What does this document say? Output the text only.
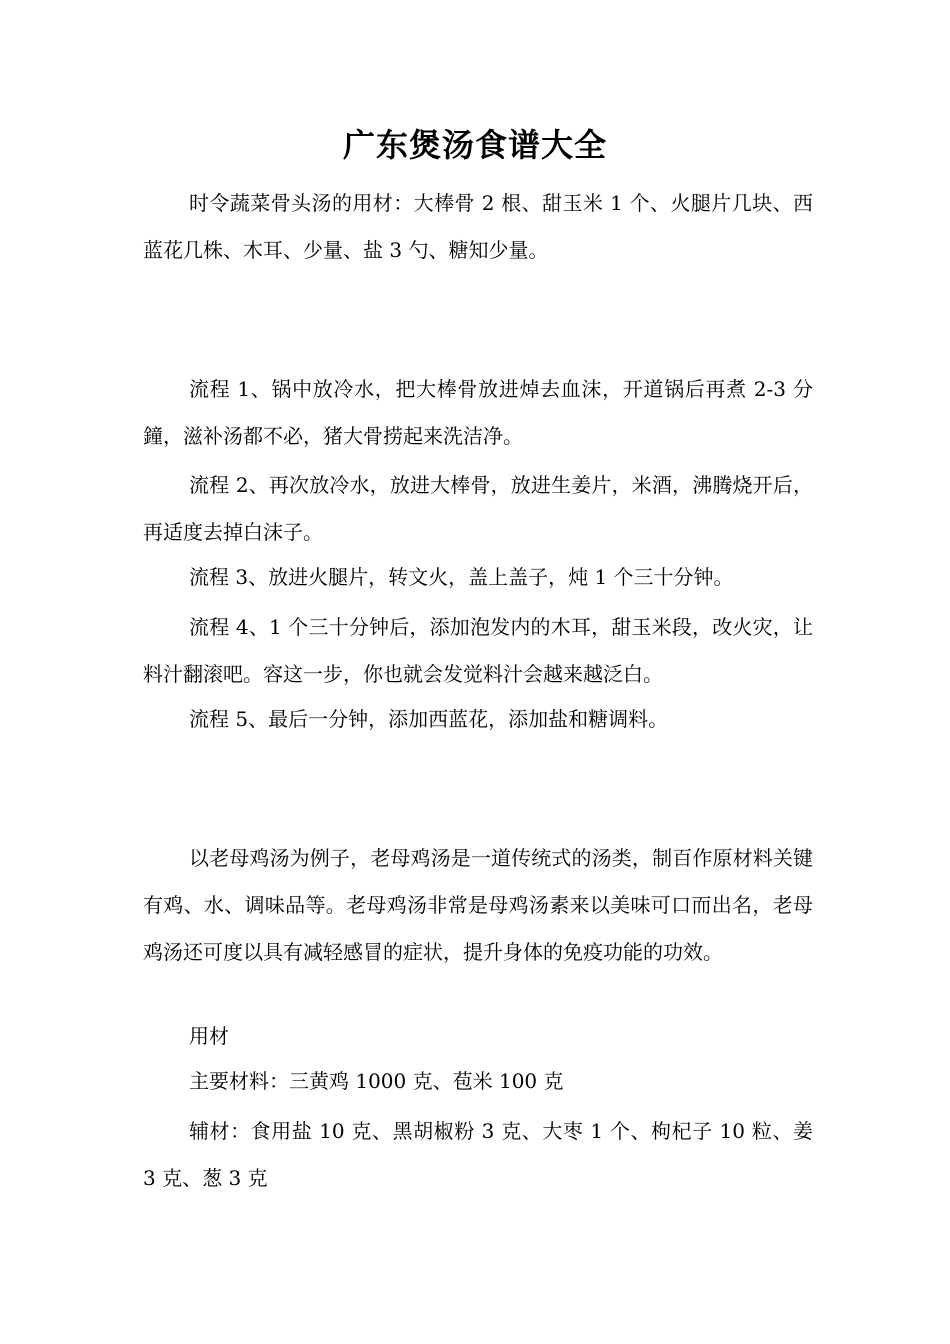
广东煲汤食谱大全

时令蔬菜骨头汤的用材：大棒骨 2 根、甜玉米 1 个、火腿片几块、西蓝花几株、木耳、少量、盐 3 勺、糖知少量。

流程 1、锅中放冷水，把大棒骨放进焯去血沫，开道锅后再煮 2-3 分鐘，滋补汤都不必，猪大骨捞起来洗洁净。

流程 2、再次放冷水，放进大棒骨，放进生姜片，米酒，沸腾烧开后，再适度去掉白沫子。

流程 3、放进火腿片，转文火，盖上盖子，炖 1 个三十分钟。

流程 4、1 个三十分钟后，添加泡发内的木耳，甜玉米段，改火灾，让料汁翻滚吧。容这一步，你也就会发觉料汁会越来越泛白。

流程 5、最后一分钟，添加西蓝花，添加盐和糖调料。

以老母鸡汤为例子，老母鸡汤是一道传统式的汤类，制百作原材料关键有鸡、水、调味品等。老母鸡汤非常是母鸡汤素来以美味可口而出名，老母鸡汤还可度以具有减轻感冒的症状，提升身体的免疫功能的功效。

用材

主要材料：三黄鸡 1000 克、苞米 100 克

辅材：食用盐 10 克、黑胡椒粉 3 克、大枣 1 个、枸杞子 10 粒、姜 3 克、葱 3 克
